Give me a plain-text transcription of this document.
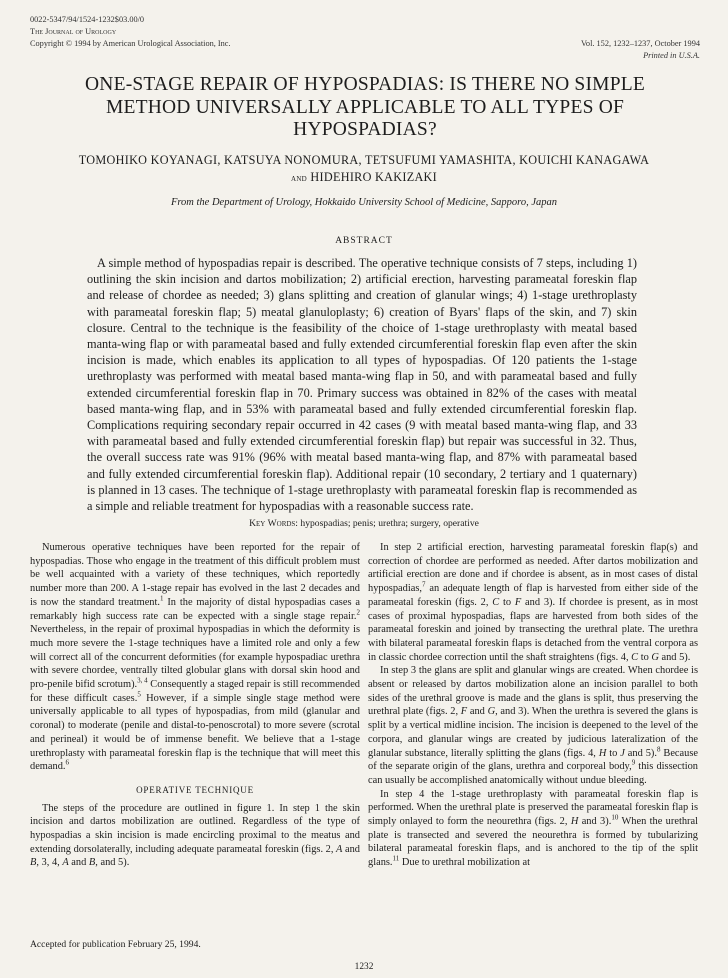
0022-5347/94/1524-1232$03.00/0
The Journal of Urology
Copyright © 1994 by American Urological Association, Inc.	Vol. 152, 1232–1237, October 1994
Printed in U.S.A.
ONE-STAGE REPAIR OF HYPOSPADIAS: IS THERE NO SIMPLE METHOD UNIVERSALLY APPLICABLE TO ALL TYPES OF HYPOSPADIAS?
TOMOHIKO KOYANAGI, KATSUYA NONOMURA, TETSUFUMI YAMASHITA, KOUICHI KANAGAWA
and HIDEHIRO KAKIZAKI
From the Department of Urology, Hokkaido University School of Medicine, Sapporo, Japan
ABSTRACT

A simple method of hypospadias repair is described. The operative technique consists of 7 steps, including 1) outlining the skin incision and dartos mobilization; 2) artificial erection, harvesting parameatal foreskin flap and release of chordee as needed; 3) glans splitting and creation of glanular wings; 4) 1-stage urethroplasty with parameatal foreskin flap; 5) meatal glanuloplasty; 6) creation of Byars' flaps of the skin, and 7) skin closure. Central to the technique is the feasibility of the choice of 1-stage urethroplasty with meatal based manta-wing flap or with parameatal based and fully extended circumferential foreskin flap even after the skin incision is made, which enables its application to all types of hypospadias. Of 120 patients the 1-stage urethroplasty was performed with meatal based manta-wing flap in 50, and with parameatal based and fully extended circumferential foreskin flap in 70. Primary success was obtained in 82% of the cases with meatal based manta-wing flap, and in 53% with parameatal based and fully extended circumferential foreskin flap. Complications requiring secondary repair occurred in 42 cases (9 with meatal based manta-wing flap, and 33 with parameatal based and fully extended circumferential foreskin flap) but repair was successful in 32. Thus, the overall success rate was 91% (96% with meatal based manta-wing flap, and 87% with parameatal based and fully extended circumferential foreskin flap). Additional repair (10 secondary, 2 tertiary and 1 quaternary) is planned in 13 cases. The technique of 1-stage urethroplasty with parameatal foreskin flap is recommended as a simple and reliable treatment for hypospadias with a reasonable success rate.

Key Words: hypospadias; penis; urethra; surgery, operative

Numerous operative techniques have been reported for the repair of hypospadias. Those who engage in the treatment of this difficult problem must be well acquainted with a variety of these techniques, which reportedly number more than 200. A 1-stage repair has evolved in the last 2 decades and is now the standard treatment.$^1$ In the majority of distal hypospadias cases a remarkably high success rate can be expected with a single stage repair.$^2$ Nevertheless, in the repair of proximal hypospadias in which the deformity is much more severe the 1-stage techniques have a limited role and only a few will correct all of the concurrent deformities (for example hypospadiac urethra with severe chordee, ventrally tilted globular glans with dorsal skin hood and pro-penile bifid scrotum).$^{3, 4}$ Consequently a staged repair is still recommended for these difficult cases.$^5$ However, if a simple single stage method were universally applicable to all types of hypospadias, from mild (glanular and coronal) to moderate (penile and distal-to-penoscrotal) to more severe (scrotal and perineal) it would be of immense benefit. We believe that a 1-stage urethroplasty with parameatal foreskin flap is the technique that will meet this demand.$^6$

OPERATIVE TECHNIQUE

The steps of the procedure are outlined in figure 1. In step 1 the skin incision and dartos mobilization are outlined. Regardless of the type of hypospadias a skin incision is made encircling proximal to the meatus and extending dorsolaterally, including adequate parameatal foreskin (figs. 2, A and B, 3, 4, A and B, and 5).

Accepted for publication February 25, 1994.

In step 2 artificial erection, harvesting parameatal foreskin flap(s) and correction of chordee are performed as needed. After dartos mobilization and artificial erection are done and if chordee is absent, as in most cases of distal hypospadias,$^7$ an adequate length of flap is harvested from either side of the parameatal foreskin (figs. 2, C to F and 3). If chordee is present, as in most cases of proximal hypospadias, flaps are harvested from both sides of the parameatal foreskin and joined by transecting the urethral plate. The urethra with bilateral parameatal foreskin flaps is detached from the ventral corpora as in classic chordee correction until the shaft straightens (figs. 4, C to G and 5).

In step 3 the glans are split and glanular wings are created. When chordee is absent or released by dartos mobilization alone an incision parallel to both sides of the urethral groove is made and the glans is split, thus preserving the urethral plate (figs. 2, F and G, and 3). When the urethra is severed the glans is split by a vertical midline incision. The incision is deepened to the level of the corpora, and glanular wings are created by judicious lateralization of the glanular substance, literally splitting the glans (figs. 4, H to J and 5).$^8$ Because of the separate origin of the glans, urethra and corporeal body,$^9$ this dissection can usually be accomplished anatomically without undue bleeding.

In step 4 the 1-stage urethroplasty with parameatal foreskin flap is performed. When the urethral plate is preserved the parameatal foreskin flap is simply onlayed to form the neourethra (figs. 2, H and 3).$^{10}$ When the urethral plate is transected and severed the neourethra is formed by tubularizing bilateral parameatal foreskin flaps, and is anchored to the tip of the split glans.$^{11}$ Due to urethral mobilization at

1232
